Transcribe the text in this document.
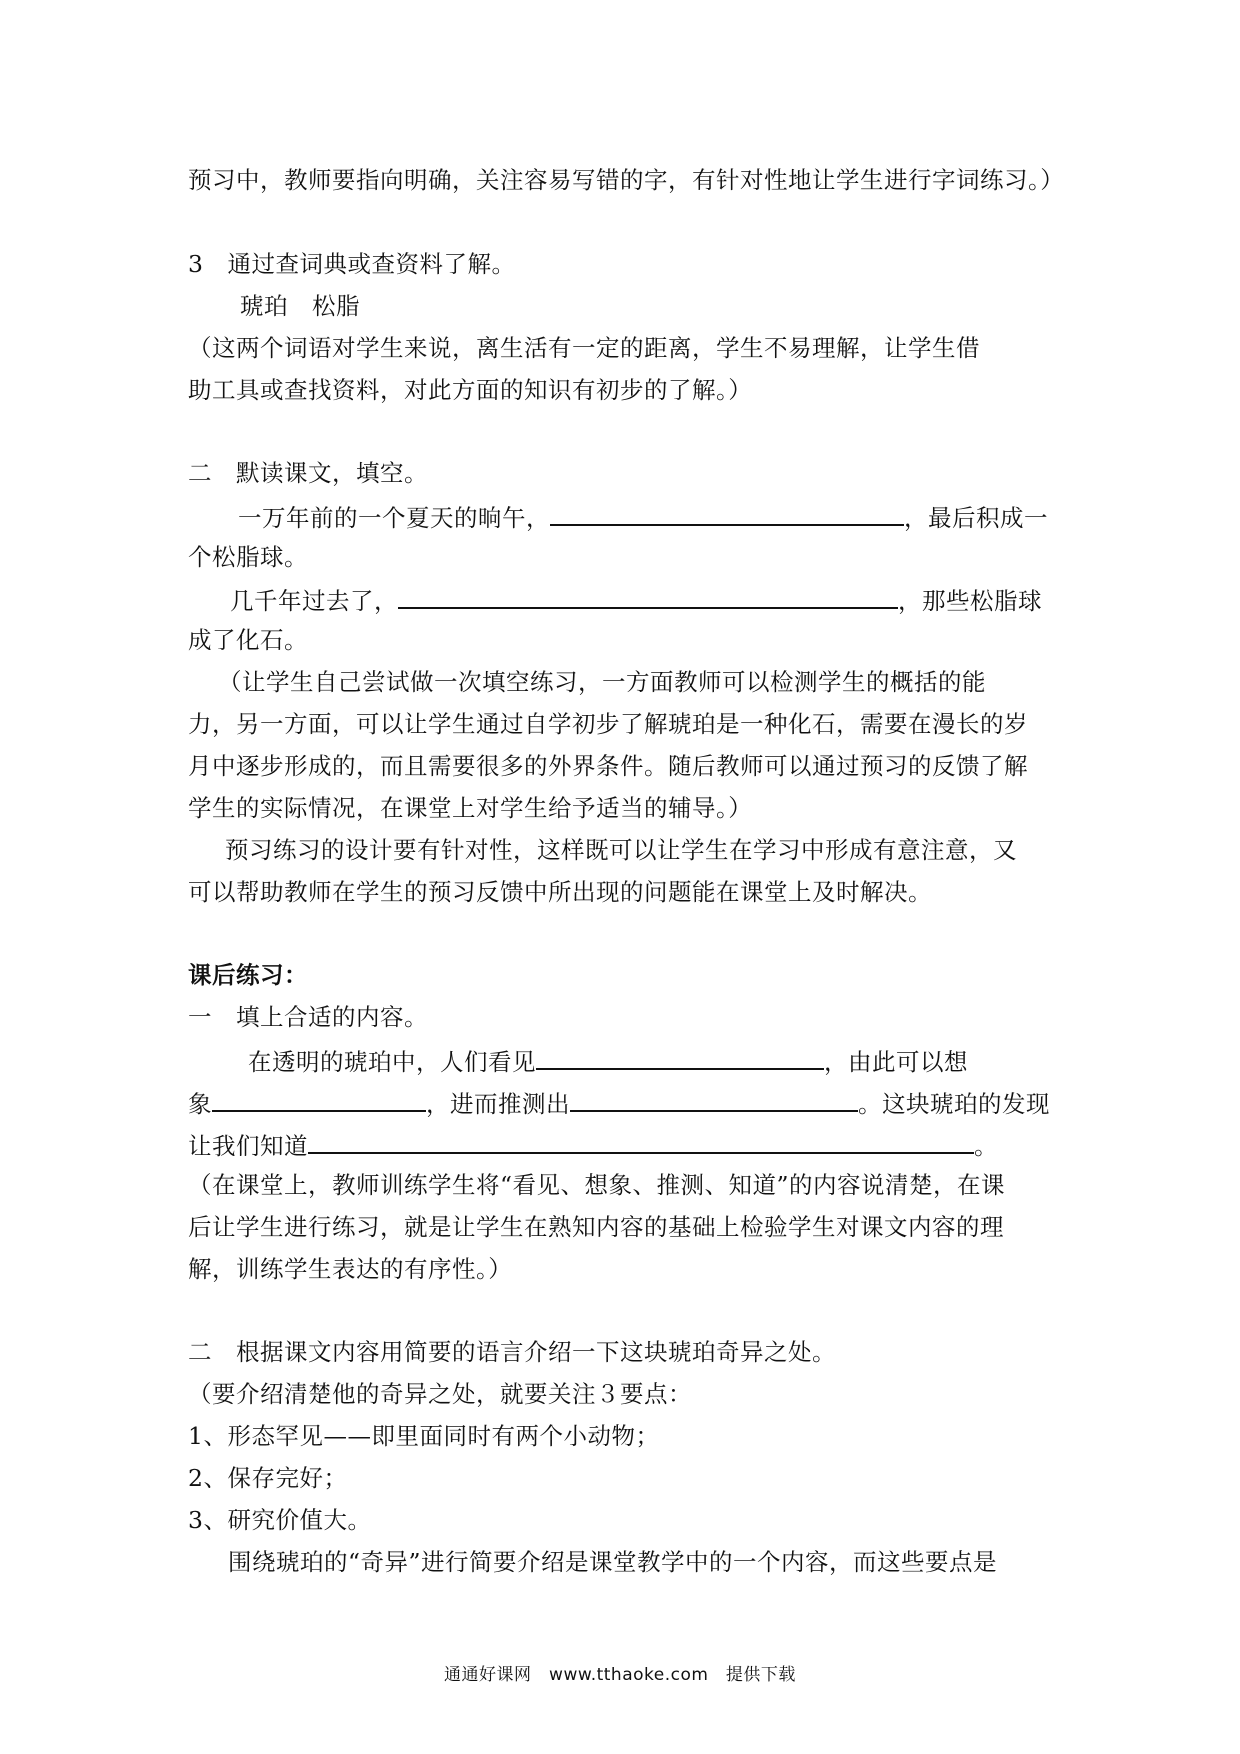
预习中，教师要指向明确，关注容易写错的字，有针对性地让学生进行字词练习。）
3　通过查词典或查资料了解。
琥珀　松脂
（这两个词语对学生来说，离生活有一定的距离，学生不易理解，让学生借
助工具或查找资料，对此方面的知识有初步的了解。）
二　默读课文，填空。
一万年前的一个夏天的晌午，	，最后积成一
个松脂球。
几千年过去了，	，那些松脂球
成了化石。
（让学生自己尝试做一次填空练习，一方面教师可以检测学生的概括的能
力，另一方面，可以让学生通过自学初步了解琥珀是一种化石，需要在漫长的岁
月中逐步形成的，而且需要很多的外界条件。随后教师可以通过预习的反馈了解
学生的实际情况，在课堂上对学生给予适当的辅导。）
预习练习的设计要有针对性，这样既可以让学生在学习中形成有意注意，又
可以帮助教师在学生的预习反馈中所出现的问题能在课堂上及时解决。
课后练习：
一　填上合适的内容。
在透明的琥珀中，人们看见	，由此可以想
象	，进而推测出	。这块琥珀的发现
让我们知道	。
（在课堂上，教师训练学生将“看见、想象、推测、知道”的内容说清楚，在课
后让学生进行练习，就是让学生在熟知内容的基础上检验学生对课文内容的理
解，训练学生表达的有序性。）
二　根据课文内容用简要的语言介绍一下这块琥珀奇异之处。
（要介绍清楚他的奇异之处，就要关注３要点：
1、形态罕见——即里面同时有两个小动物；
2、保存完好；
3、研究价值大。
围绕琥珀的“奇异”进行简要介绍是课堂教学中的一个内容，而这些要点是
通通好课网　www.tthaoke.com　提供下载
